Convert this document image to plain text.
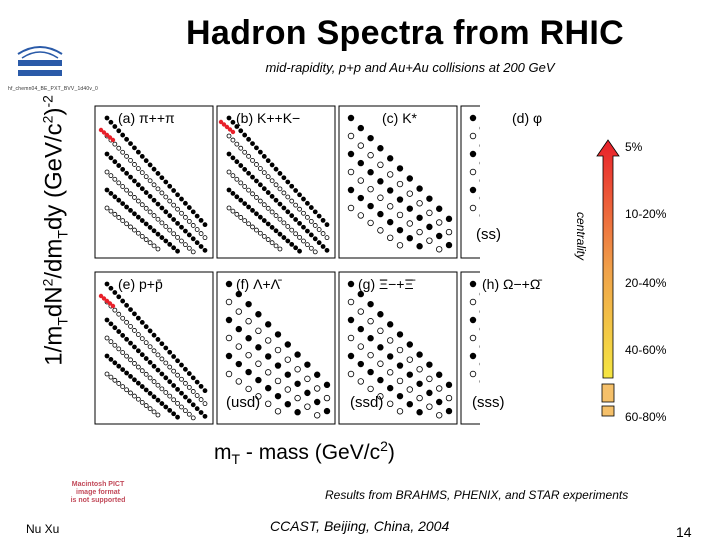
hf_chemn04_BE_PXT_BVV_1d40v_0
Hadron Spectra from RHIC
mid-rapidity, p+p and Au+Au collisions at 200 GeV
$1/m_TdN^2/dm_Tdy$ $(GeV/c^2)^{-2}$
(a) π++π	(b) K++K−	(c) K*	(d) φ
(e) p+p̄	(f) Λ+Λ̄	(g) Ξ−+Ξ̄	(h) Ω−+Ω̄
(ss)
(usd)	(ssd)	(sss)
$m_T$ - mass $(GeV/c^2)$
centrality
5%
10-20%
20-40%
40-60%
60-80%
Macintosh PICT
image format
is not supported	Results from BRAHMS, PHENIX, and STAR experiments
Nu Xu	CCAST, Beijing, China, 2004	14
